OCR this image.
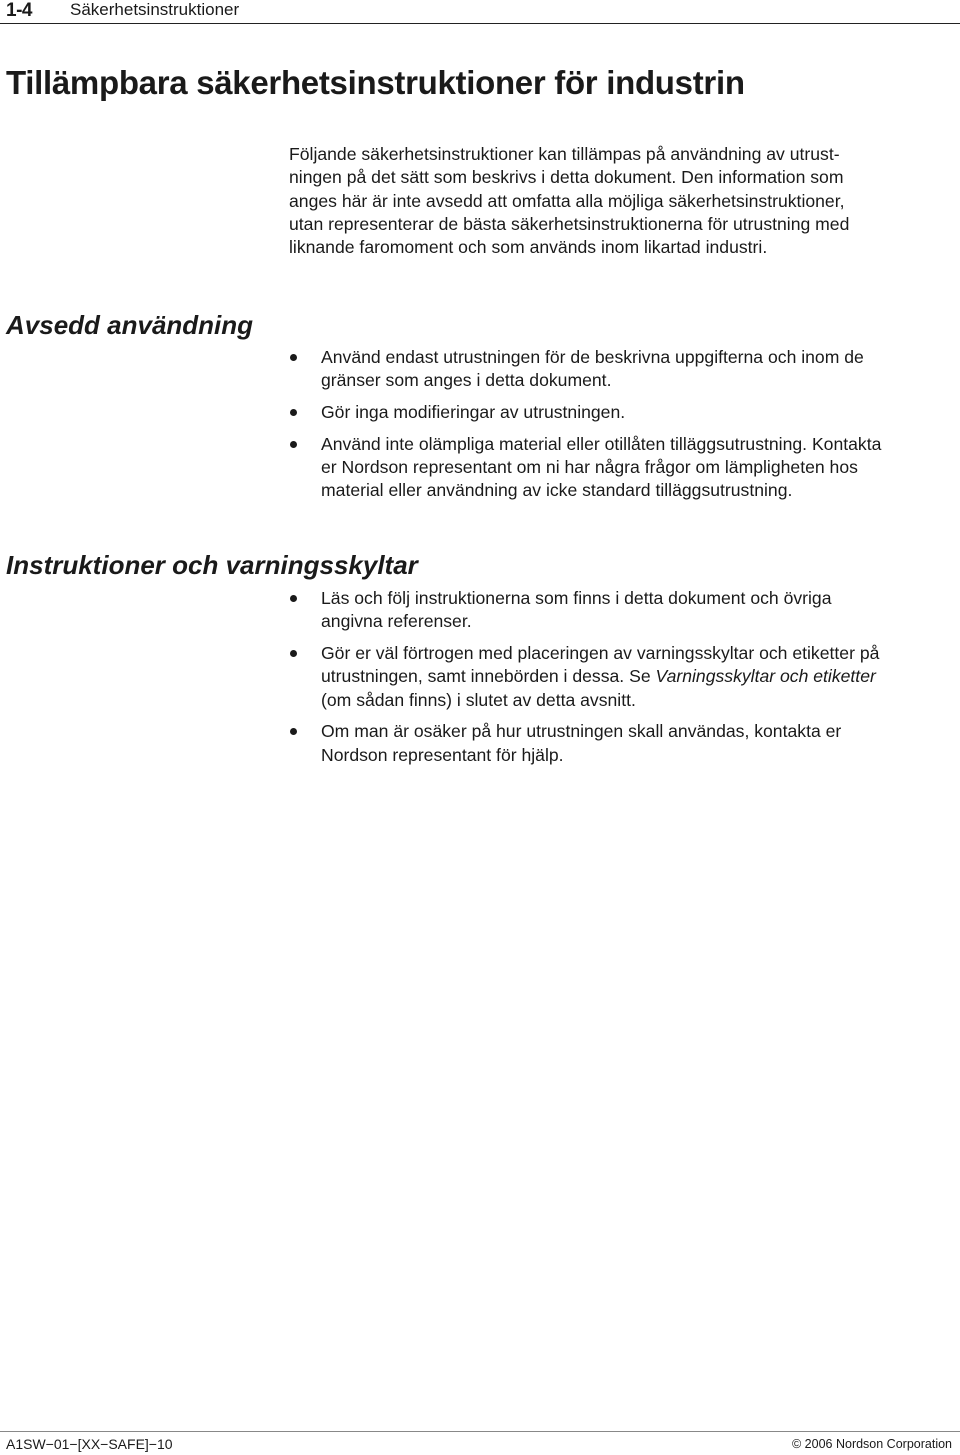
1-4 Säkerhetsinstruktioner
Tillämpbara säkerhetsinstruktioner för industrin

Följande säkerhetsinstruktioner kan tillämpas på användning av utrust-
ningen på det sätt som beskrivs i detta dokument. Den information som
anges här är inte avsedd att omfatta alla möjliga säkerhetsinstruktioner,
utan representerar de bästa säkerhetsinstruktionerna för utrustning med
liknande faromoment och som används inom likartad industri.

Avsedd användning
Använd endast utrustningen för de beskrivna uppgifterna och inom de
gränser som anges i detta dokument.
Gör inga modifieringar av utrustningen.
Använd inte olämpliga material eller otillåten tilläggsutrustning. Kontakta
er Nordson representant om ni har några frågor om lämpligheten hos
material eller användning av icke standard tilläggsutrustning.
Instruktioner och varningsskyltar
Läs och följ instruktionerna som finns i detta dokument och övriga
angivna referenser.
Gör er väl förtrogen med placeringen av varningsskyltar och etiketter på
utrustningen, samt innebörden i dessa. Se Varningsskyltar och etiketter
(om sådan finns) i slutet av detta avsnitt.
Om man är osäker på hur utrustningen skall användas, kontakta er
Nordson representant för hjälp.
A1SW−01−[XX−SAFE]−10	© 2006 Nordson Corporation
